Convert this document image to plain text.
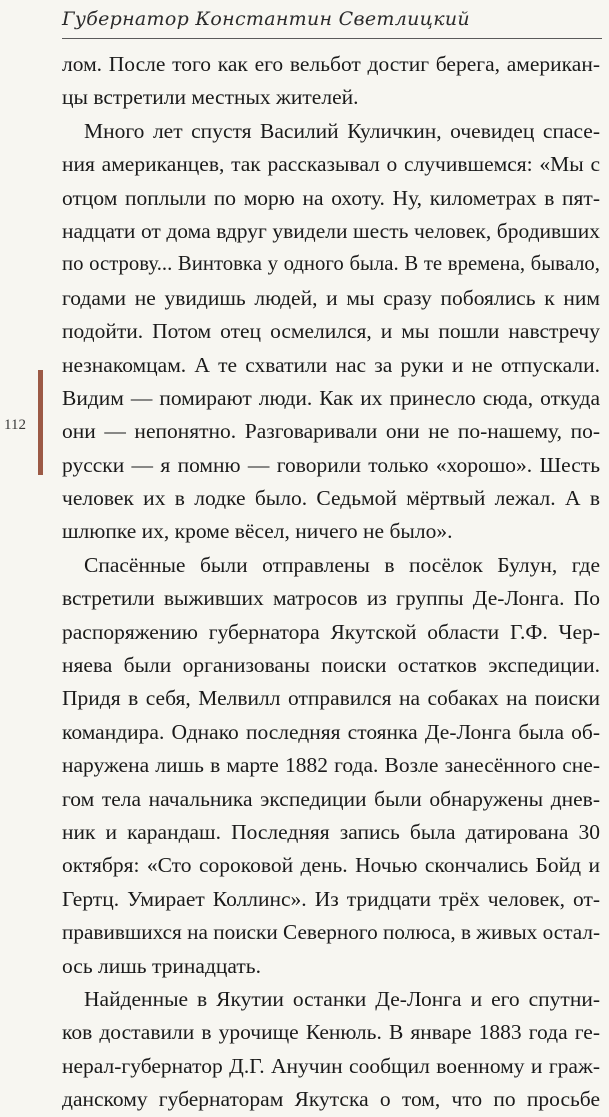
Губернатор Константин Светлицкий
112
лом. После того как его вельбот достиг берега, американ-
цы встретили местных жителей.
Много лет спустя Василий Куличкин, очевидец спасе-
ния американцев, так рассказывал о случившемся: «Мы с
отцом поплыли по морю на охоту. Ну, километрах в пят-
надцати от дома вдруг увидели шесть человек, бродивших
по острову... Винтовка у одного была. В те времена, бывало,
годами не увидишь людей, и мы сразу побоялись к ним
подойти. Потом отец осмелился, и мы пошли навстречу
незнакомцам. А те схватили нас за руки и не отпускали.
Видим — помирают люди. Как их принесло сюда, откуда
они — непонятно. Разговаривали они не по-нашему, по-
русски — я помню — говорили только «хорошо». Шесть
человек их в лодке было. Седьмой мёртвый лежал. А в
шлюпке их, кроме вёсел, ничего не было».
Спасённые были отправлены в посёлок Булун, где
встретили выживших матросов из группы Де-Лонга. По
распоряжению губернатора Якутской области Г.Ф. Чер-
няева были организованы поиски остатков экспедиции.
Придя в себя, Мелвилл отправился на собаках на поиски
командира. Однако последняя стоянка Де-Лонга была об-
наружена лишь в марте 1882 года. Возле занесённого сне-
гом тела начальника экспедиции были обнаружены днев-
ник и карандаш. Последняя запись была датирована 30
октября: «Сто сороковой день. Ночью скончались Бойд и
Гертц. Умирает Коллинс». Из тридцати трёх человек, от-
правившихся на поиски Северного полюса, в живых остал-
ось лишь тринадцать.
Найденные в Якутии останки Де-Лонга и его спутни-
ков доставили в урочище Кенюль. В январе 1883 года ге-
нерал-губернатор Д.Г. Анучин сообщил военному и граж-
данскому губернаторам Якутска о том, что по просьбе
